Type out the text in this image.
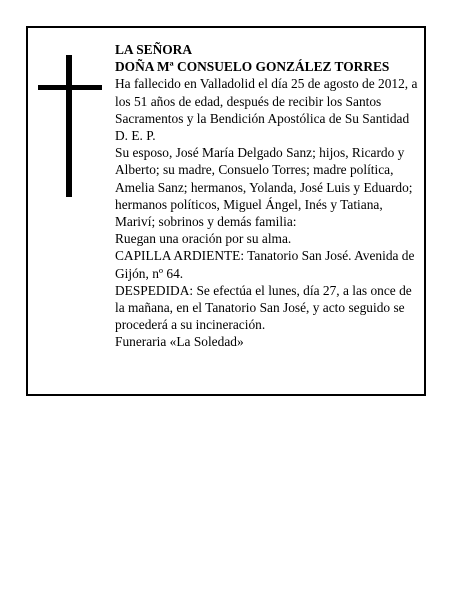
LA SEÑORA

DOÑA Mª CONSUELO GONZÁLEZ TORRES

Ha fallecido en Valladolid el día 25 de agosto de 2012, a los 51 años de edad, después de recibir los Santos Sacramentos y la Bendición Apostólica de Su Santidad D. E. P.

Su esposo, José María Delgado Sanz; hijos, Ricardo y Alberto; su madre, Consuelo Torres; madre política, Amelia Sanz; hermanos, Yolanda, José Luis y Eduardo; hermanos políticos, Miguel Ángel, Inés y Tatiana, Mariví; sobrinos y demás familia:

Ruegan una oración por su alma.

CAPILLA ARDIENTE: Tanatorio San José. Avenida de Gijón, nº 64.

DESPEDIDA: Se efectúa el lunes, día 27, a las once de la mañana, en el Tanatorio San José, y acto seguido se procederá a su incineración.

Funeraria «La Soledad»
